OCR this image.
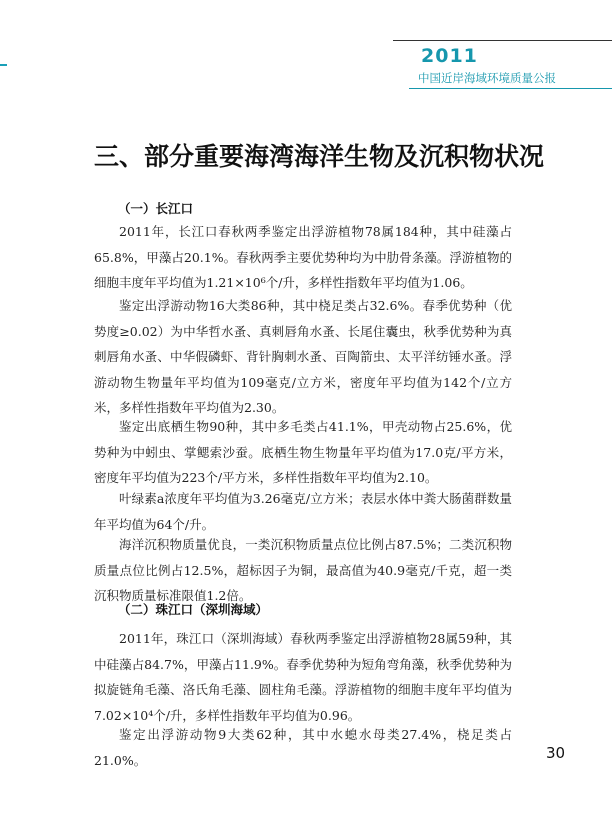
2011
中国近岸海域环境质量公报
三、部分重要海湾海洋生物及沉积物状况
（一）长江口
2011年，长江口春秋两季鉴定出浮游植物78属184种，其中硅藻占65.8%，甲藻占20.1%。春秋两季主要优势种均为中肋骨条藻。浮游植物的细胞丰度年平均值为1.21×10⁶个/升，多样性指数年平均值为1.06。
鉴定出浮游动物16大类86种，其中桡足类占32.6%。春季优势种（优势度≥0.02）为中华哲水蚤、真刺唇角水蚤、长尾住囊虫，秋季优势种为真刺唇角水蚤、中华假磷虾、背针胸刺水蚤、百陶箭虫、太平洋纺锤水蚤。浮游动物生物量年平均值为109毫克/立方米，密度年平均值为142个/立方米，多样性指数年平均值为2.30。
鉴定出底栖生物90种，其中多毛类占41.1%，甲壳动物占25.6%，优势种为中蚓虫、掌鳃索沙蚕。底栖生物生物量年平均值为17.0克/平方米，密度年平均值为223个/平方米，多样性指数年平均值为2.10。
叶绿素a浓度年平均值为3.26毫克/立方米；表层水体中粪大肠菌群数量年平均值为64个/升。
海洋沉积物质量优良，一类沉积物质量点位比例占87.5%；二类沉积物质量点位比例占12.5%，超标因子为铜，最高值为40.9毫克/千克，超一类沉积物质量标准限值1.2倍。
（二）珠江口（深圳海域）
2011年，珠江口（深圳海域）春秋两季鉴定出浮游植物28属59种，其中硅藻占84.7%，甲藻占11.9%。春季优势种为短角弯角藻，秋季优势种为拟旋链角毛藻、洛氏角毛藻、圆柱角毛藻。浮游植物的细胞丰度年平均值为7.02×10⁴个/升，多样性指数年平均值为0.96。
鉴定出浮游动物9大类62种，其中水螅水母类27.4%，桡足类占21.0%。	30
